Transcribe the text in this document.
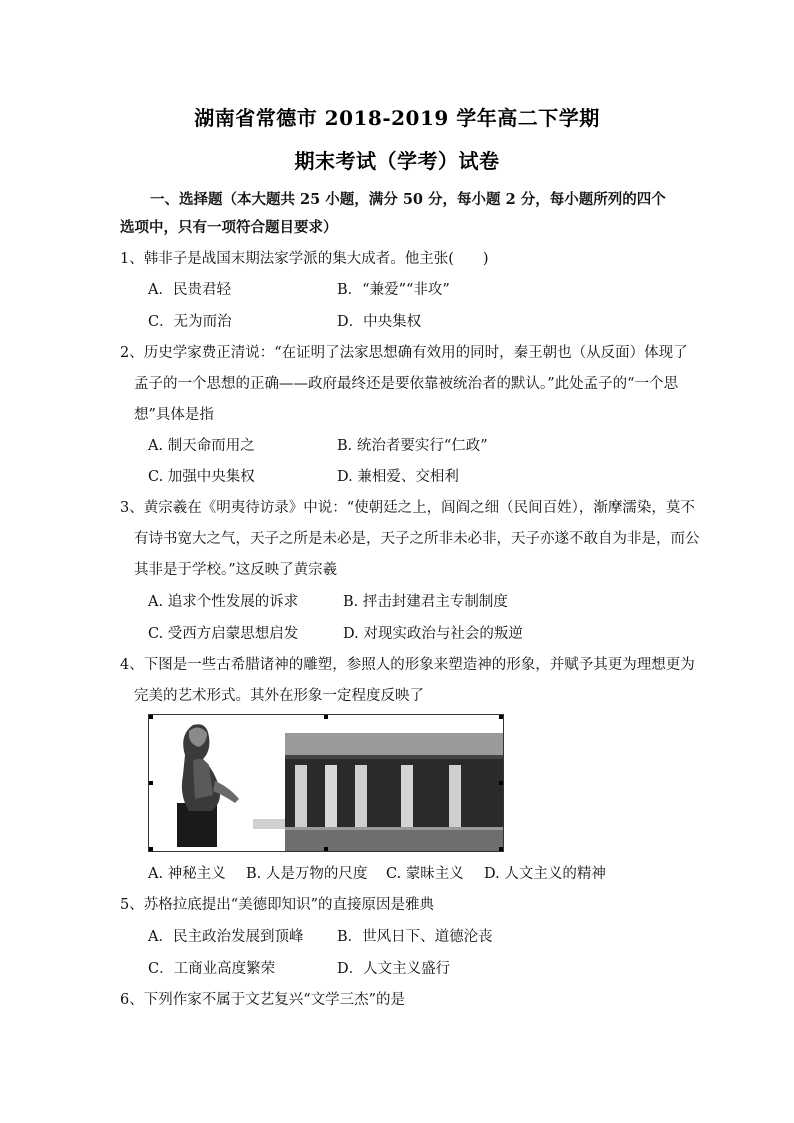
湖南省常德市 2018-2019 学年高二下学期
期末考试（学考）试卷
一、选择题（本大题共 25 小题，满分 50 分，每小题 2 分，每小题所列的四个选项中，只有一项符合题目要求）
1、韩非子是战国末期法家学派的集大成者。他主张(　　)
A．民贵君轻	B．“兼爱”“非攻”
C．无为而治	D．中央集权
2、历史学家费正清说：“在证明了法家思想确有效用的同时，秦王朝也（从反面）体现了
孟子的一个思想的正确——政府最终还是要依靠被统治者的默认。”此处孟子的“一个思
想”具体是指
A. 制天命而用之	B. 统治者要实行“仁政”
C. 加强中央集权	D. 兼相爱、交相利
3、黄宗羲在《明夷待访录》中说：“使朝廷之上，闾阎之细（民间百姓），渐摩濡染，莫不
有诗书宽大之气，天子之所是未必是，天子之所非未必非，天子亦遂不敢自为非是，而公
其非是于学校。”这反映了黄宗羲
A. 追求个性发展的诉求	B. 抨击封建君主专制制度
C. 受西方启蒙思想启发	D. 对现实政治与社会的叛逆
4、下图是一些古希腊诸神的雕塑，参照人的形象来塑造神的形象，并赋予其更为理想更为
完美的艺术形式。其外在形象一定程度反映了
A. 神秘主义 B. 人是万物的尺度 C. 蒙昧主义 D. 人文主义的精神
5、苏格拉底提出“美德即知识”的直接原因是雅典
A．民主政治发展到顶峰 B．世风日下、道德沦丧
C．工商业高度繁荣	D．人文主义盛行
6、下列作家不属于文艺复兴“文学三杰”的是
